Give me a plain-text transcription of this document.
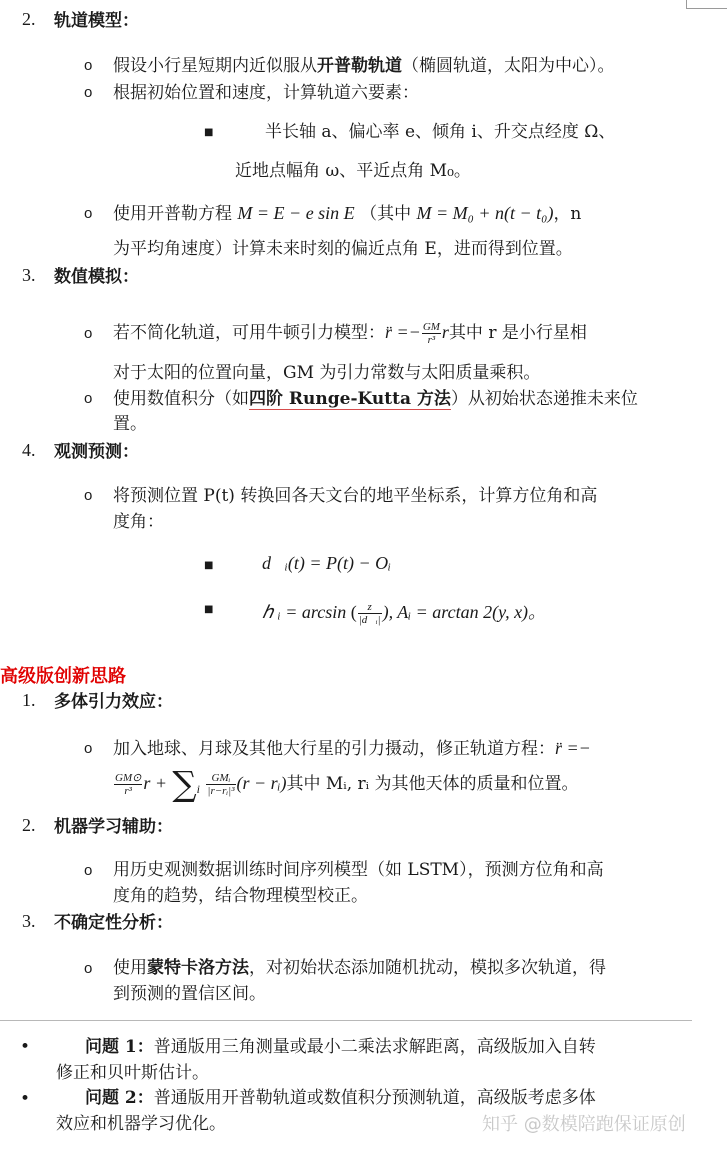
2. 轨道模型：
o 假设小行星短期内近似服从开普勒轨道（椭圆轨道，太阳为中心）。
o 根据初始位置和速度，计算轨道六要素：
■	半长轴 a、偏心率 e、倾角 i、升交点经度 Ω、
近地点幅角 ω、平近点角 M₀。
o 使用开普勒方程 M = E − e sin E （其中 M = M₀ + n(t − t₀)，n
为平均角速度）计算未来时刻的偏近点角 E，进而得到位置。
3. 数值模拟：
o 若不简化轨道，可用牛顿引力模型：r̈ =− $\frac{GM}{\text{r³}}$ r其中 r 是小行星相
对于太阳的位置向量，GM 为引力常数与太阳质量乘积。
o 使用数值积分（如四阶 Runge-Kutta 方法）从初始状态递推未来位
置。
4. 观测预测：
o 将预测位置 P(t) 转换回各天文台的地平坐标系，计算方位角和高
度角：
■	d⃗ᵢ(t) = P(t) − Oᵢ
■	ℎ ᵢ = arcsin ( $\frac{z}{\text{|d⃗ᵢ|}}$ ), Aᵢ = arctan 2(y, x)。
高级版创新思路
1. 多体引力效应：
o 加入地球、月球及其他大行星的引力摄动，修正轨道方程：r̈ =−
$\frac{GM⊙}{\text{r³}}$ $r + \sum_i \frac{\text{GMᵢ}}{\text{|r−rᵢ|³}} (r$ − rᵢ)其中 Mᵢ, rᵢ 为其他天体的质量和位置。
2. 机器学习辅助：
o 用历史观测数据训练时间序列模型（如 LSTM），预测方位角和高
度角的趋势，结合物理模型校正。
3. 不确定性分析：
o 使用蒙特卡洛方法，对初始状态添加随机扰动，模拟多次轨道，得
到预测的置信区间。
•	问题 1：普通版用三角测量或最小二乘法求解距离，高级版加入自转
修正和贝叶斯估计。
•	问题 2：普通版用开普勒轨道或数值积分预测轨道，高级版考虑多体
效应和机器学习优化。	知乎 @数模陪跑保证原创
